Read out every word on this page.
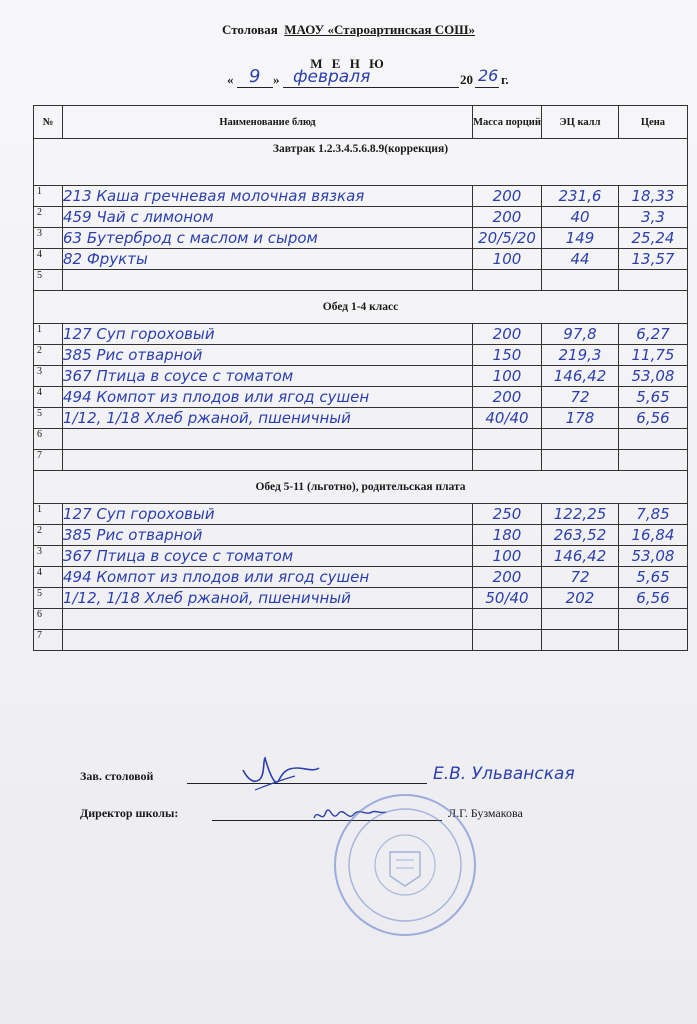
Столовая МАОУ «Староартинская СОШ»
М Е Н Ю
« 9 » февраля	20 26 г.
№	Наименование блюд	Масса порций	ЭЦ калл	Цена
Завтрак 1.2.3.4.5.6.8.9(коррекция)				
1	213 Каша гречневая молочная вязкая	200	231,6	18,33
2	459 Чай с лимоном	200	40	3,3
3	63 Бутерброд с маслом и сыром	20/5/20	149	25,24
4	82 Фрукты	100	44	13,57
5				
Обед 1-4 класс				
1	127 Суп гороховый	200	97,8	6,27
2	385 Рис отварной	150	219,3	11,75
3	367 Птица в соусе с томатом	100	146,42	53,08
4	494 Компот из плодов или ягод сушен	200	72	5,65
5	1/12, 1/18 Хлеб ржаной, пшеничный	40/40	178	6,56
6				
7				
Обед 5-11 (льготно), родительская плата				
1	127 Суп гороховый	250	122,25	7,85
2	385 Рис отварной	180	263,52	16,84
3	367 Птица в соусе с томатом	100	146,42	53,08
4	494 Компот из плодов или ягод сушен	200	72	5,65
5	1/12, 1/18 Хлеб ржаной, пшеничный	50/40	202	6,56
6				
7				
Зав. столовой	Е.В. Ульванская
Директор школы:	Л.Г. Бузмакова
